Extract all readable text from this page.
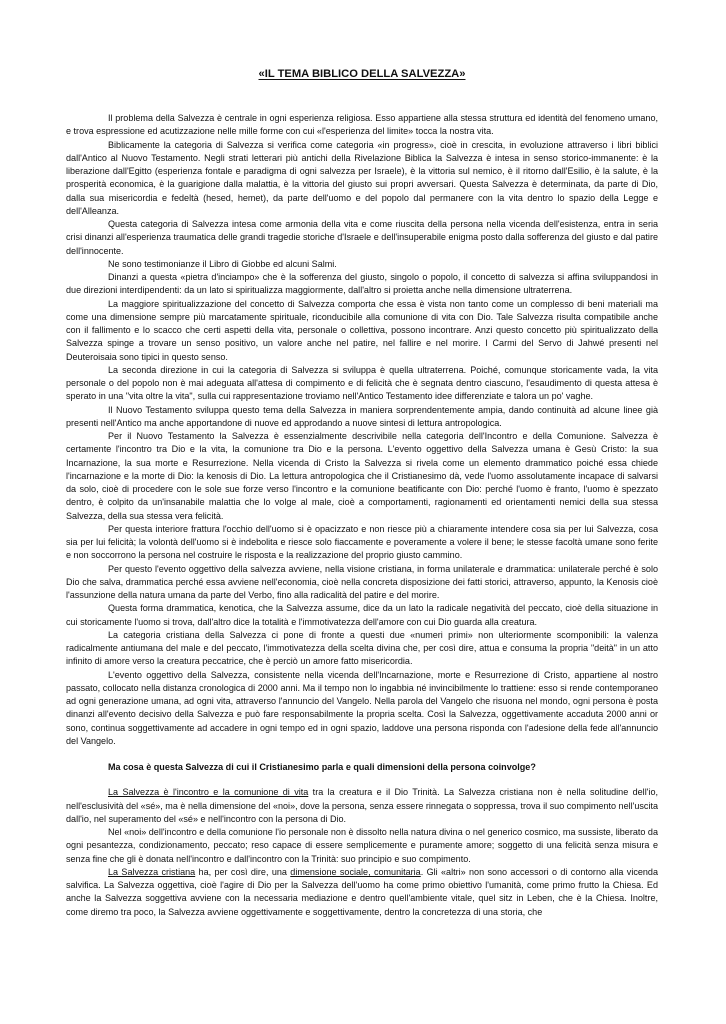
«IL TEMA BIBLICO DELLA SALVEZZA»

Il problema della Salvezza è centrale in ogni esperienza religiosa. Esso appartiene alla stessa struttura ed identità del fenomeno umano, e trova espressione ed acutizzazione nelle mille forme con cui «l'esperienza del limite» tocca la nostra vita.

Biblicamente la categoria di Salvezza si verifica come categoria «in progress», cioè in crescita, in evoluzione attraverso i libri biblici dall'Antico al Nuovo Testamento. Negli strati letterari più antichi della Rivelazione Biblica la Salvezza è intesa in senso storico-immanente: è la liberazione dall'Egitto (esperienza fontale e paradigma di ogni salvezza per Israele), è la vittoria sul nemico, è il ritorno dall'Esilio, è la salute, è la prosperità economica, è la guarigione dalla malattia, è la vittoria del giusto sui propri avversari. Questa Salvezza è determinata, da parte di Dio, dalla sua misericordia e fedeltà (hesed, hemet), da parte dell'uomo e del popolo dal permanere con la vita dentro lo spazio della Legge e dell'Alleanza.

Questa categoria di Salvezza intesa come armonia della vita e come riuscita della persona nella vicenda dell'esistenza, entra in seria crisi dinanzi all'esperienza traumatica delle grandi tragedie storiche d'Israele e dell'insuperabile enigma posto dalla sofferenza del giusto e dal patire dell'innocente.

Ne sono testimonianze il Libro di Giobbe ed alcuni Salmi.

Dinanzi a questa «pietra d'inciampo» che è la sofferenza del giusto, singolo o popolo, il concetto di salvezza si affina sviluppandosi in due direzioni interdipendenti: da un lato si spiritualizza maggiormente, dall'altro si proietta anche nella dimensione ultraterrena.

La maggiore spiritualizzazione del concetto di Salvezza comporta che essa è vista non tanto come un complesso di beni materiali ma come una dimensione sempre più marcatamente spirituale, riconducibile alla comunione di vita con Dio. Tale Salvezza risulta compatibile anche con il fallimento e lo scacco che certi aspetti della vita, personale o collettiva, possono incontrare. Anzi questo concetto più spiritualizzato della Salvezza spinge a trovare un senso positivo, un valore anche nel patire, nel fallire e nel morire. I Carmi del Servo di Jahwé presenti nel Deuteroisaia sono tipici in questo senso.

La seconda direzione in cui la categoria di Salvezza si sviluppa è quella ultraterrena. Poiché, comunque storicamente vada, la vita personale o del popolo non è mai adeguata all'attesa di compimento e di felicità che è segnata dentro ciascuno, l'esaudimento di questa attesa è sperato in una "vita oltre la vita", sulla cui rappresentazione troviamo nell'Antico Testamento idee differenziate e talora un po' vaghe.

Il Nuovo Testamento sviluppa questo tema della Salvezza in maniera sorprendentemente ampia, dando continuità ad alcune linee già presenti nell'Antico ma anche apportandone di nuove ed approdando a nuove sintesi di lettura antropologica.

Per il Nuovo Testamento la Salvezza è essenzialmente descrivibile nella categoria dell'Incontro e della Comunione. Salvezza è certamente l'incontro tra Dio e la vita, la comunione tra Dio e la persona. L'evento oggettivo della Salvezza umana è Gesù Cristo: la sua Incarnazione, la sua morte e Resurrezione. Nella vicenda di Cristo la Salvezza si rivela come un elemento drammatico poiché essa chiede l'incarnazione e la morte di Dio: la kenosis di Dio. La lettura antropologica che il Cristianesimo dà, vede l'uomo assolutamente incapace di salvarsi da solo, cioè di procedere con le sole sue forze verso l'incontro e la comunione beatificante con Dio: perché l'uomo è franto, l'uomo è spezzato dentro, è colpito da un'insanabile malattia che lo volge al male, cioè a comportamenti, ragionamenti ed orientamenti nemici della sua stessa Salvezza, della sua stessa vera felicità.

Per questa interiore frattura l'occhio dell'uomo si è opacizzato e non riesce più a chiaramente intendere cosa sia per lui Salvezza, cosa sia per lui felicità; la volontà dell'uomo si è indebolita e riesce solo fiaccamente e poveramente a volere il bene; le stesse facoltà umane sono ferite e non soccorrono la persona nel costruire le risposta e la realizzazione del proprio giusto cammino.

Per questo l'evento oggettivo della salvezza avviene, nella visione cristiana, in forma unilaterale e drammatica: unilaterale perché è solo Dio che salva, drammatica perché essa avviene nell'economia, cioè nella concreta disposizione dei fatti storici, attraverso, appunto, la Kenosis cioè l'assunzione della natura umana da parte del Verbo, fino alla radicalità del patire e del morire.

Questa forma drammatica, kenotica, che la Salvezza assume, dice da un lato la radicale negatività del peccato, cioè della situazione in cui storicamente l'uomo si trova, dall'altro dice la totalità e l'immotivatezza dell'amore con cui Dio guarda alla creatura.

La categoria cristiana della Salvezza ci pone di fronte a questi due «numeri primi» non ulteriormente scomponibili: la valenza radicalmente antiumana del male e del peccato, l'immotivatezza della scelta divina che, per così dire, attua e consuma la propria "deità" in un atto infinito di amore verso la creatura peccatrice, che è perciò un amore fatto misericordia.

L'evento oggettivo della Salvezza, consistente nella vicenda dell'Incarnazione, morte e Resurrezione di Cristo, appartiene al nostro passato, collocato nella distanza cronologica di 2000 anni. Ma il tempo non lo ingabbia né invincibilmente lo trattiene: esso si rende contemporaneo ad ogni generazione umana, ad ogni vita, attraverso l'annuncio del Vangelo. Nella parola del Vangelo che risuona nel mondo, ogni persona è posta dinanzi all'evento decisivo della Salvezza e può fare responsabilmente la propria scelta. Così la Salvezza, oggettivamente accaduta 2000 anni or sono, continua soggettivamente ad accadere in ogni tempo ed in ogni spazio, laddove una persona risponda con l'adesione della fede all'annuncio del Vangelo.

Ma cosa è questa Salvezza di cui il Cristianesimo parla e quali dimensioni della persona coinvolge?

La Salvezza è l'incontro e la comunione di vita tra la creatura e il Dio Trinità. La Salvezza cristiana non è nella solitudine dell'io, nell'esclusività del «sé», ma è nella dimensione del «noi», dove la persona, senza essere rinnegata o soppressa, trova il suo compimento nell'uscita dall'io, nel superamento del «sé» e nell'incontro con la persona di Dio.

Nel «noi» dell'incontro e della comunione l'io personale non è dissolto nella natura divina o nel generico cosmico, ma sussiste, liberato da ogni pesantezza, condizionamento, peccato; reso capace di essere semplicemente e puramente amore; soggetto di una felicità senza misura e senza fine che gli è donata nell'incontro e dall'incontro con la Trinità: suo principio e suo compimento.

La Salvezza cristiana ha, per così dire, una dimensione sociale, comunitaria. Gli «altri» non sono accessori o di contorno alla vicenda salvifica. La Salvezza oggettiva, cioè l'agire di Dio per la Salvezza dell'uomo ha come primo obiettivo l'umanità, come primo frutto la Chiesa. Ed anche la Salvezza soggettiva avviene con la necessaria mediazione e dentro quell'ambiente vitale, quel sitz in Leben, che è la Chiesa. Inoltre, come diremo tra poco, la Salvezza avviene oggettivamente e soggettivamente, dentro la concretezza di una storia, che
